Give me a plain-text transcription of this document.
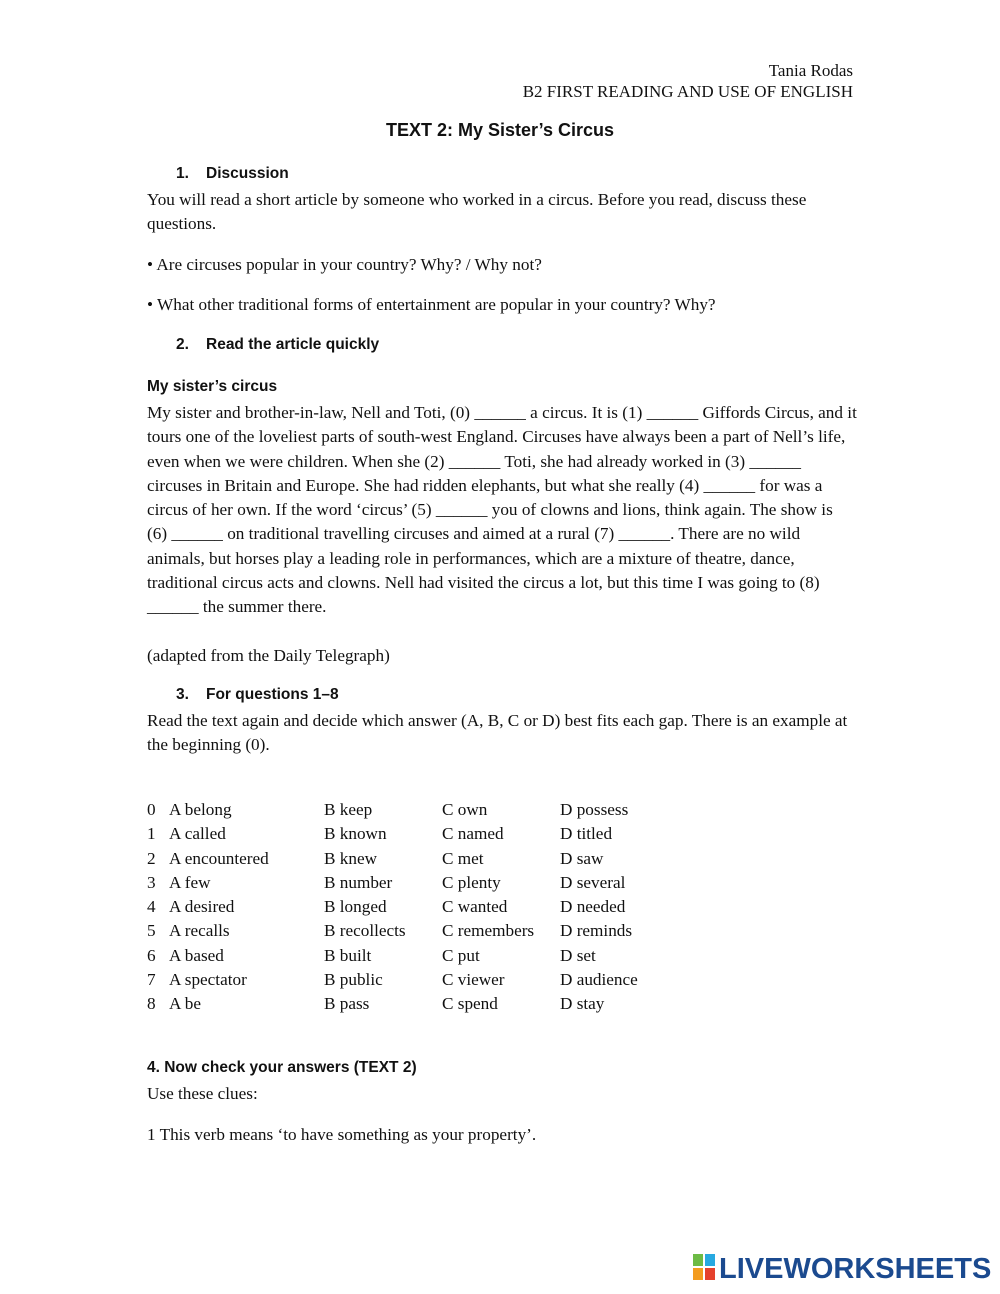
Tania Rodas
B2 FIRST READING AND USE OF ENGLISH
TEXT 2: My Sister’s Circus
1. Discussion
You will read a short article by someone who worked in a circus. Before you read, discuss these questions.
• Are circuses popular in your country? Why? / Why not?
• What other traditional forms of entertainment are popular in your country? Why?
2. Read the article quickly
My sister’s circus
My sister and brother-in-law, Nell and Toti, (0) ______ a circus. It is (1) ______ Giffords Circus, and it tours one of the loveliest parts of south-west England. Circuses have always been a part of Nell’s life, even when we were children. When she (2) ______ Toti, she had already worked in (3) ______ circuses in Britain and Europe. She had ridden elephants, but what she really (4) ______ for was a circus of her own. If the word ‘circus’ (5) ______ you of clowns and lions, think again. The show is (6) ______ on traditional travelling circuses and aimed at a rural (7) ______. There are no wild animals, but horses play a leading role in performances, which are a mixture of theatre, dance, traditional circus acts and clowns. Nell had visited the circus a lot, but this time I was going to (8) ______ the summer there.
(adapted from the Daily Telegraph)
3. For questions 1–8
Read the text again and decide which answer (A, B, C or D) best fits each gap. There is an example at the beginning (0).
0 A belong	B keep	C own	D possess
1 A called	B known	C named	D titled
2 A encountered	B knew	C met	D saw
3 A few	B number	C plenty	D several
4 A desired	B longed	C wanted	D needed
5 A recalls	B recollects C remembers D reminds
6 A based	B built	C put	D set
7 A spectator	B public	C viewer	D audience
8 A be	B pass	C spend	D stay
4. Now check your answers (TEXT 2)
Use these clues:
1 This verb means ‘to have something as your property’.
LIVEWORKSHEETS
